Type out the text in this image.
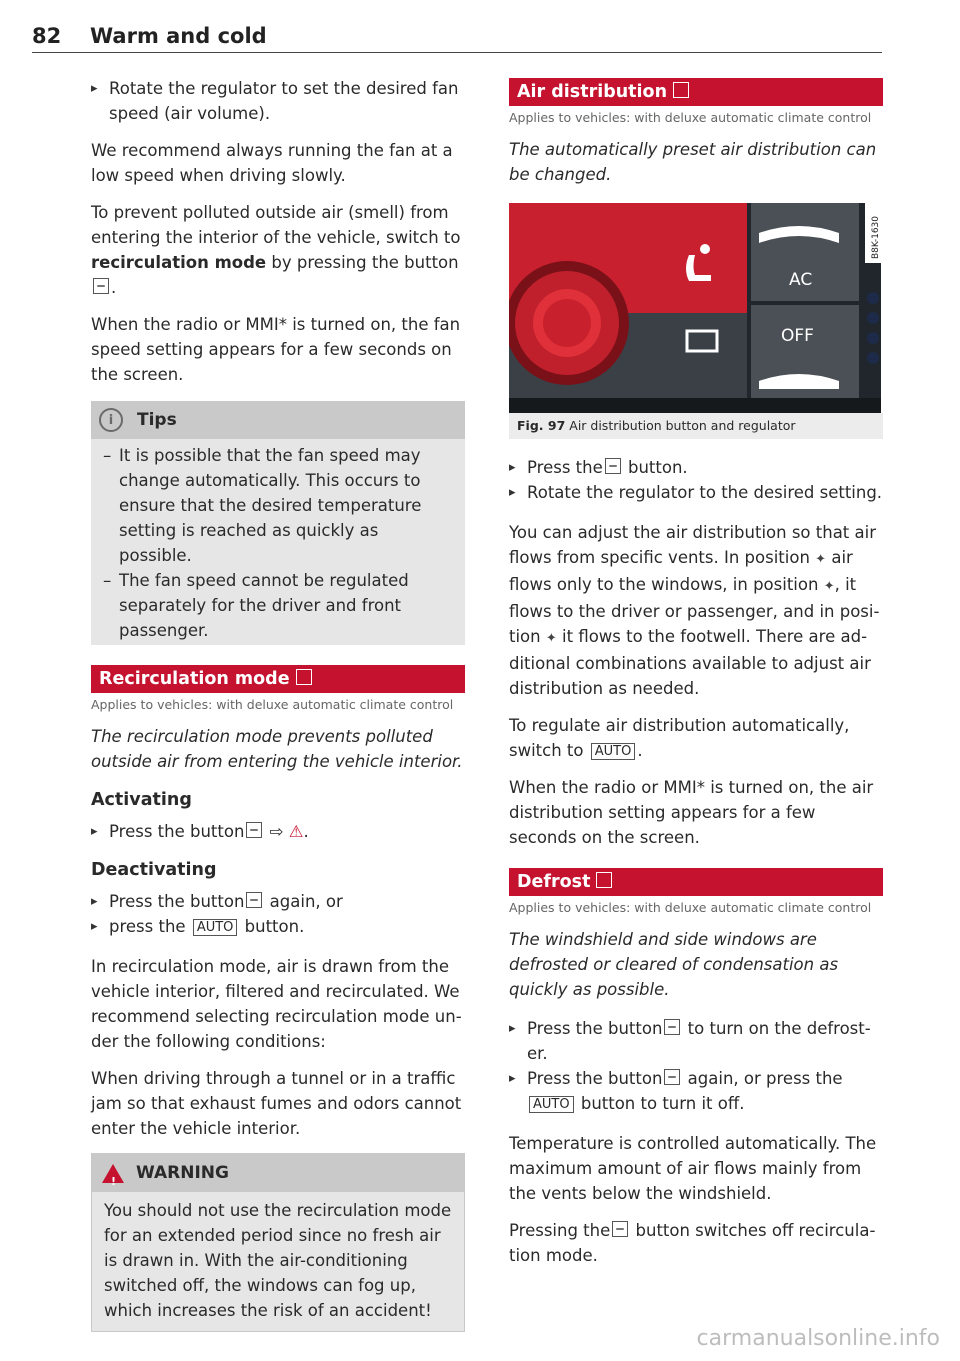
82 Warm and cold

▸ Rotate the regulator to set the desired fan speed (air volume).

We recommend always running the fan at a low speed when driving slowly.

To prevent polluted outside air (smell) from entering the interior of the vehicle, switch to recirculation mode by pressing the button .

When the radio or MMI* is turned on, the fan speed setting appears for a few seconds on the screen.

i	Tips

– It is possible that the fan speed may change automatically. This occurs to ensure that the desired temperature setting is reached as quickly as possible.

– The fan speed cannot be regulated separately for the driver and front passenger.

Recirculation mode
Applies to vehicles: with deluxe automatic climate control

The recirculation mode prevents polluted outside air from entering the vehicle interior.

Activating

▸ Press the button ⇨ ⚠.

Deactivating

▸ Press the button again, or

▸ press the AUTO button.

In recirculation mode, air is drawn from the vehicle interior, filtered and recirculated. We recommend selecting recirculation mode under the following conditions:

When driving through a tunnel or in a traffic jam so that exhaust fumes and odors cannot enter the vehicle interior.

!
WARNING
You should not use the recirculation mode for an extended period since no fresh air is drawn in. With the air-conditioning switched off, the windows can fog up, which increases the risk of an accident!
Air distribution
Applies to vehicles: with deluxe automatic climate control

The automatically preset air distribution can be changed.

AC
OFF
B8K-1630
Fig. 97 Air distribution button and regulator

▸ Press the button.

▸ Rotate the regulator to the desired setting.

You can adjust the air distribution so that air flows from specific vents. In position ✦ air flows only to the windows, in position ✦, it flows to the driver or passenger, and in position ✦ it flows to the footwell. There are additional combinations available to adjust air distribution as needed.

To regulate air distribution automatically, switch to AUTO .

When the radio or MMI* is turned on, the air distribution setting appears for a few seconds on the screen.

Defrost
Applies to vehicles: with deluxe automatic climate control

The windshield and side windows are defrosted or cleared of condensation as quickly as possible.

▸ Press the button to turn on the defroster.

▸ Press the button again, or press the AUTO button to turn it off.

Temperature is controlled automatically. The maximum amount of air flows mainly from the vents below the windshield.

Pressing the button switches off recirculation mode.

carmanualsonline.info
